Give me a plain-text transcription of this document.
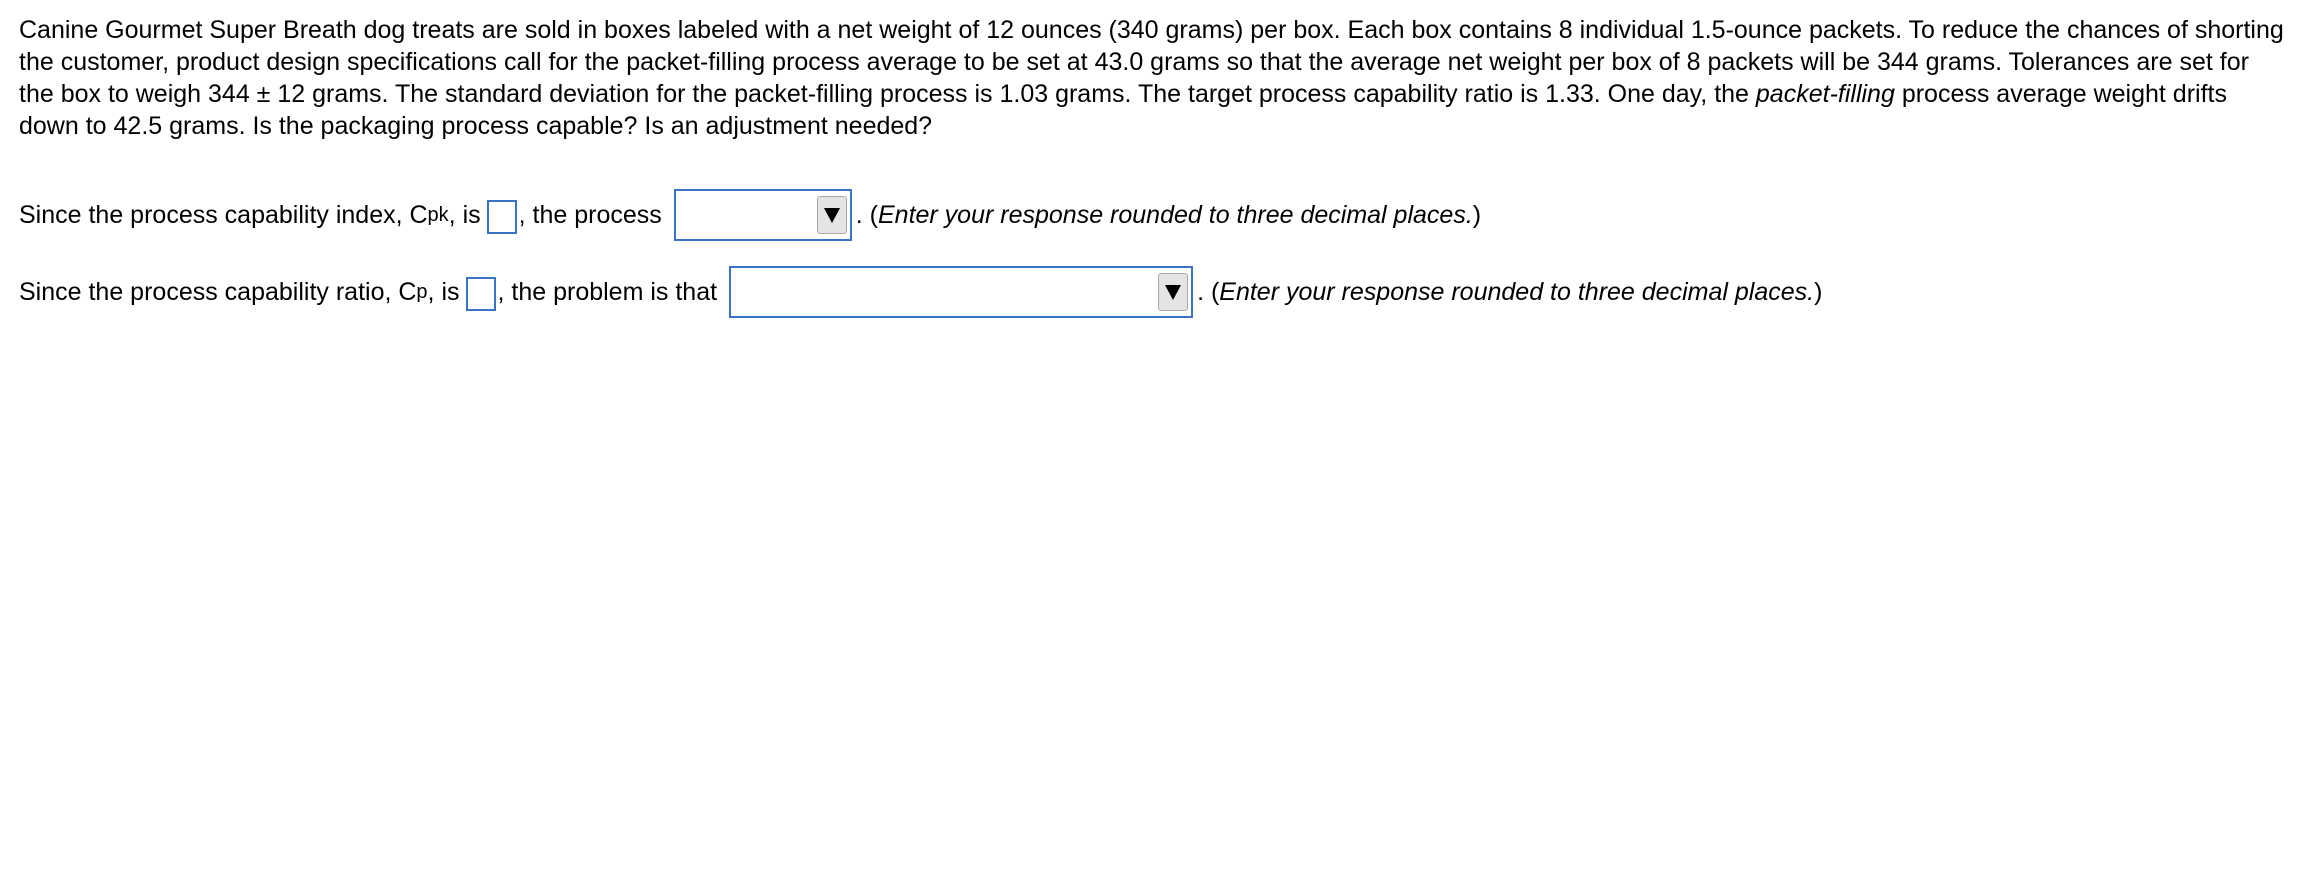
Canine Gourmet Super Breath dog treats are sold in boxes labeled with a net weight of 12 ounces (340 grams) per box. Each box contains 8 individual 1.5-ounce packets. To reduce the chances of shorting the customer, product design specifications call for the packet-filling process average to be set at 43.0 grams so that the average net weight per box of 8 packets will be 344 grams. Tolerances are set for the box to weigh 344 ± 12 grams. The standard deviation for the packet-filling process is 1.03 grams. The target process capability ratio is 1.33. One day, the packet-filling process average weight drifts down to 42.5 grams. Is the packaging process capable? Is an adjustment needed?

Since the process capability index, C pk , is , the process	. (Enter your response rounded to three decimal places.)
Since the process capability ratio, C p , is , the problem is that	. (Enter your response rounded to three decimal places.)
